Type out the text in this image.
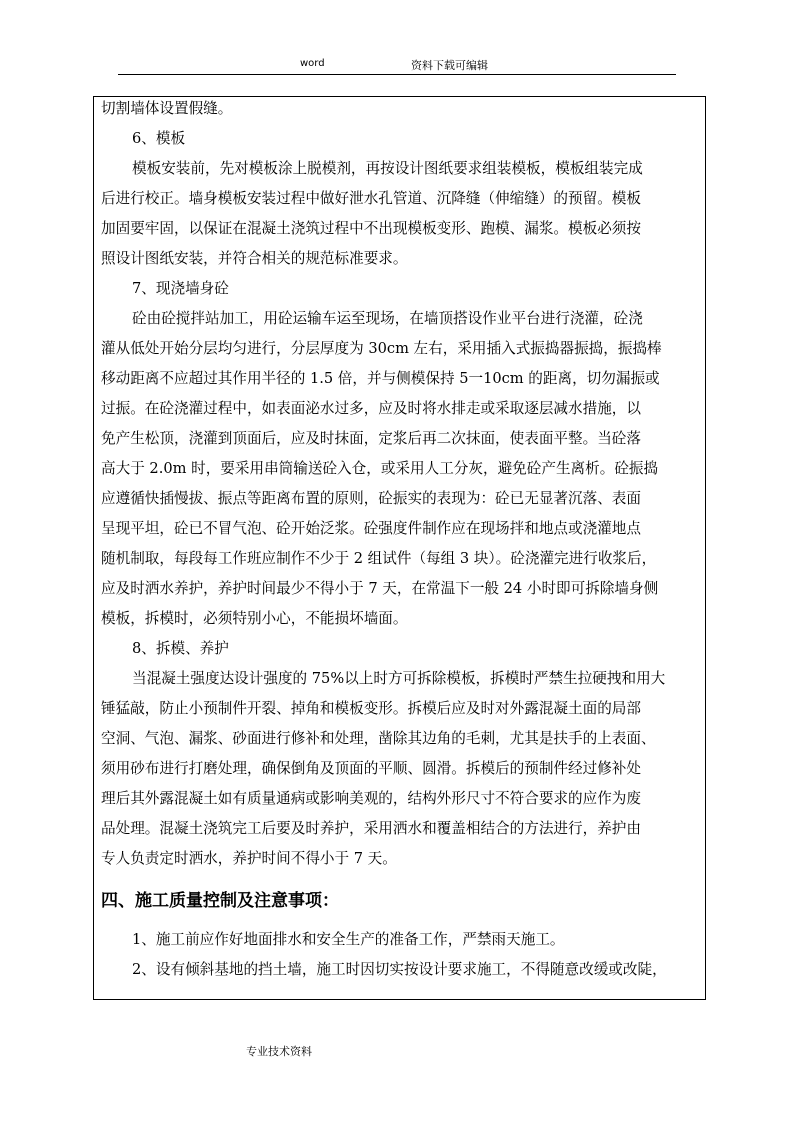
word	资料下载可编辑
切割墙体设置假缝。
6、模板
模板安装前，先对模板涂上脱模剂，再按设计图纸要求组装模板，模板组装完成
后进行校正。墙身模板安装过程中做好泄水孔管道、沉降缝（伸缩缝）的预留。模板
加固要牢固，以保证在混凝土浇筑过程中不出现模板变形、跑模、漏浆。模板必须按
照设计图纸安装，并符合相关的规范标准要求。
7、现浇墙身砼
砼由砼搅拌站加工，用砼运输车运至现场，在墙顶搭设作业平台进行浇灌，砼浇
灌从低处开始分层均匀进行，分层厚度为 30cm 左右，采用插入式振捣器振捣，振捣棒
移动距离不应超过其作用半径的 1.5 倍，并与侧模保持 5一10cm 的距离，切勿漏振或
过振。在砼浇灌过程中，如表面泌水过多，应及时将水排走或采取逐层减水措施，以
免产生松顶，浇灌到顶面后，应及时抹面，定浆后再二次抹面，使表面平整。当砼落
高大于 2.0m 时，要采用串筒输送砼入仓，或采用人工分灰，避免砼产生离析。砼振捣
应遵循快插慢拔、振点等距离布置的原则，砼振实的表现为：砼已无显著沉落、表面
呈现平坦，砼已不冒气泡、砼开始泛浆。砼强度件制作应在现场拌和地点或浇灌地点
随机制取，每段每工作班应制作不少于 2 组试件（每组 3 块）。砼浇灌完进行收浆后，
应及时洒水养护，养护时间最少不得小于 7 天，在常温下一般 24 小时即可拆除墙身侧
模板，拆模时，必须特别小心，不能损坏墙面。
8、拆模、养护
当混凝土强度达设计强度的 75%以上时方可拆除模板，拆模时严禁生拉硬拽和用大
锤猛敲，防止小预制件开裂、掉角和模板变形。拆模后应及时对外露混凝土面的局部
空洞、气泡、漏浆、砂面进行修补和处理，凿除其边角的毛刺，尤其是扶手的上表面、
须用砂布进行打磨处理，确保倒角及顶面的平顺、圆滑。拆模后的预制件经过修补处
理后其外露混凝土如有质量通病或影响美观的，结构外形尺寸不符合要求的应作为废
品处理。混凝土浇筑完工后要及时养护，采用洒水和覆盖相结合的方法进行，养护由
专人负责定时洒水，养护时间不得小于 7 天。
四、施工质量控制及注意事项：
1、施工前应作好地面排水和安全生产的准备工作，严禁雨天施工。
2、设有倾斜基地的挡土墙，施工时因切实按设计要求施工，不得随意改缓或改陡，
专业技术资料
